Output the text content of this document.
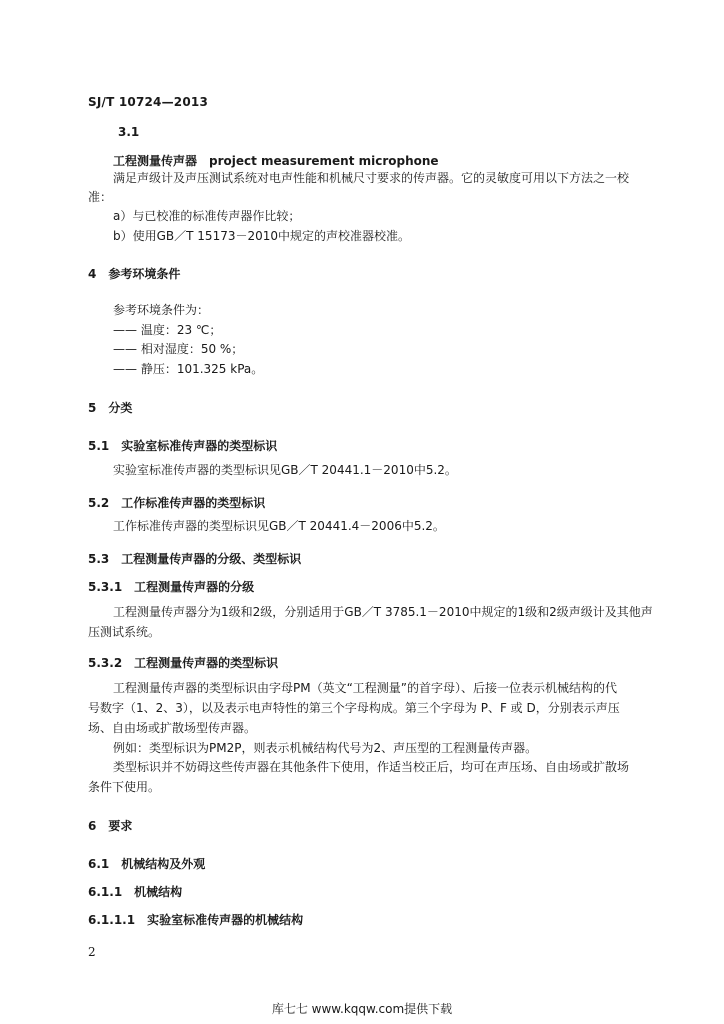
SJ/T 10724—2013
3.1
工程测量传声器　project measurement microphone
满足声级计及声压测试系统对电声性能和机械尺寸要求的传声器。它的灵敏度可用以下方法之一校
准：
a）与已校准的标准传声器作比较；
b）使用GB／T 15173－2010中规定的声校准器校准。
4　参考环境条件
参考环境条件为：
—— 温度：23 ℃；
—— 相对湿度：50 %；
—— 静压：101.325 kPa。
5　分类
5.1　实验室标准传声器的类型标识
实验室标准传声器的类型标识见GB／T 20441.1－2010中5.2。
5.2　工作标准传声器的类型标识
工作标准传声器的类型标识见GB／T 20441.4－2006中5.2。
5.3　工程测量传声器的分级、类型标识
5.3.1　工程测量传声器的分级
工程测量传声器分为1级和2级，分别适用于GB／T 3785.1－2010中规定的1级和2级声级计及其他声
压测试系统。
5.3.2　工程测量传声器的类型标识
工程测量传声器的类型标识由字母PM（英文“工程测量”的首字母）、后接一位表示机械结构的代
号数字（1、2、3），以及表示电声特性的第三个字母构成。第三个字母为 P、F 或 D，分别表示声压
场、自由场或扩散场型传声器。
例如：类型标识为PM2P，则表示机械结构代号为2、声压型的工程测量传声器。
类型标识并不妨碍这些传声器在其他条件下使用，作适当校正后，均可在声压场、自由场或扩散场
条件下使用。
6　要求
6.1　机械结构及外观
6.1.1　机械结构
6.1.1.1　实验室标准传声器的机械结构
2
库七七 www.kqqw.com提供下载
